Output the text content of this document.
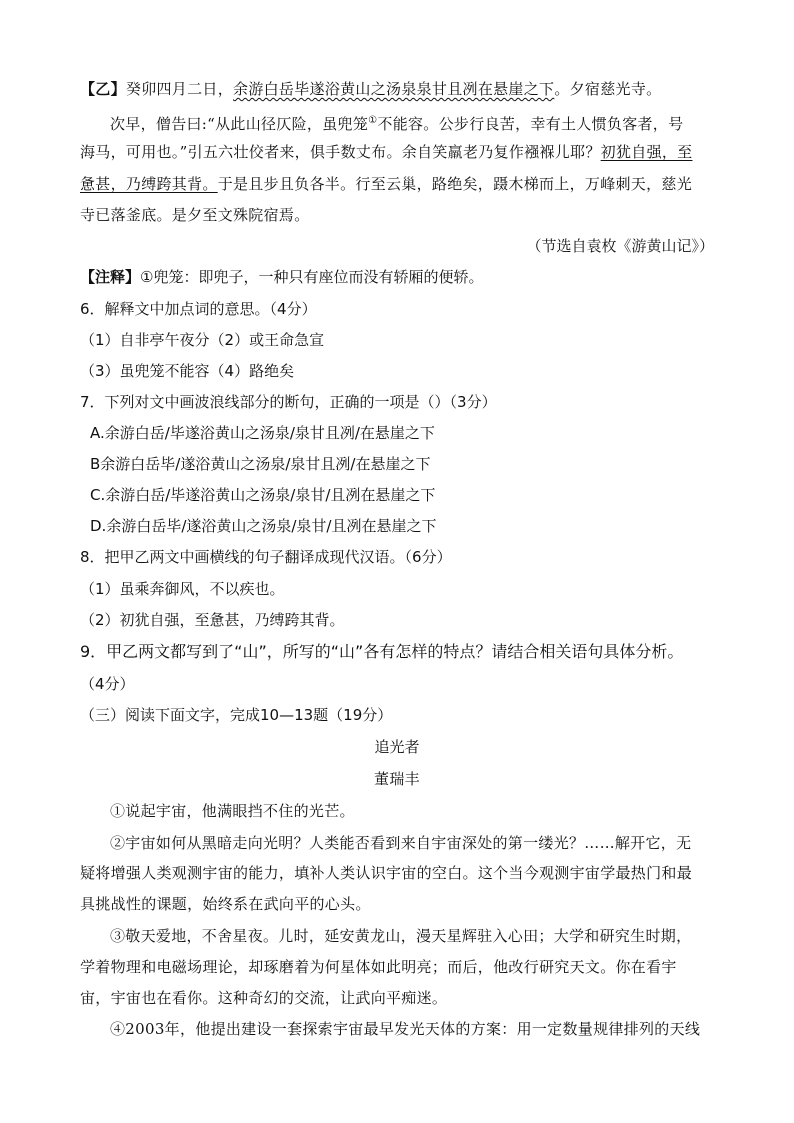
【乙】癸卯四月二日，余游白岳毕遂浴黄山之汤泉泉甘且冽在悬崖之下。夕宿慈光寺。
次早，僧告曰:“从此山径仄险，虽兜笼①不能容。公步行良苦，幸有土人惯负客者，号
海马，可用也。”引五六壮佼者来，俱手数丈布。余自笑羸老乃复作襁褓儿耶？初犹自强，至
惫甚，乃缚跨其背。于是且步且负各半。行至云巢，路绝矣，蹑木梯而上，万峰刺天，慈光
寺已落釜底。是夕至文殊院宿焉。
（节选自袁枚《游黄山记》）
【注释】①兜笼：即兜子，一种只有座位而没有轿厢的便轿。
6．解释文中加点词的意思。（4分）
（1）自非亭午夜分（2）或王命急宣
（3）虽兜笼不能容（4）路绝矣
7．下列对文中画波浪线部分的断句，正确的一项是（）（3分）
A.余游白岳/毕遂浴黄山之汤泉/泉甘且冽/在悬崖之下
B余游白岳毕/遂浴黄山之汤泉/泉甘且冽/在悬崖之下
C.余游白岳/毕遂浴黄山之汤泉/泉甘/且冽在悬崖之下
D.余游白岳毕/遂浴黄山之汤泉/泉甘/且冽在悬崖之下
8．把甲乙两文中画横线的句子翻译成现代汉语。（6分）
（1）虽乘奔御风，不以疾也。
（2）初犹自强，至惫甚，乃缚跨其背。
9．甲乙两文都写到了“山”，所写的“山”各有怎样的特点？请结合相关语句具体分析。
（4分）
（三）阅读下面文字，完成10—13题（19分）
追光者
董瑞丰
①说起宇宙，他满眼挡不住的光芒。
②宇宙如何从黑暗走向光明？人类能否看到来自宇宙深处的第一缕光？……解开它，无
疑将增强人类观测宇宙的能力，填补人类认识宇宙的空白。这个当今观测宇宙学最热门和最
具挑战性的课题，始终系在武向平的心头。
③敬天爱地，不舍星夜。儿时，延安黄龙山，漫天星辉驻入心田；大学和研究生时期，
学着物理和电磁场理论，却琢磨着为何星体如此明亮；而后，他改行研究天文。你在看宇
宙，宇宙也在看你。这种奇幻的交流，让武向平痴迷。
④2003年，他提出建设一套探索宇宙最早发光天体的方案：用一定数量规律排列的天线
